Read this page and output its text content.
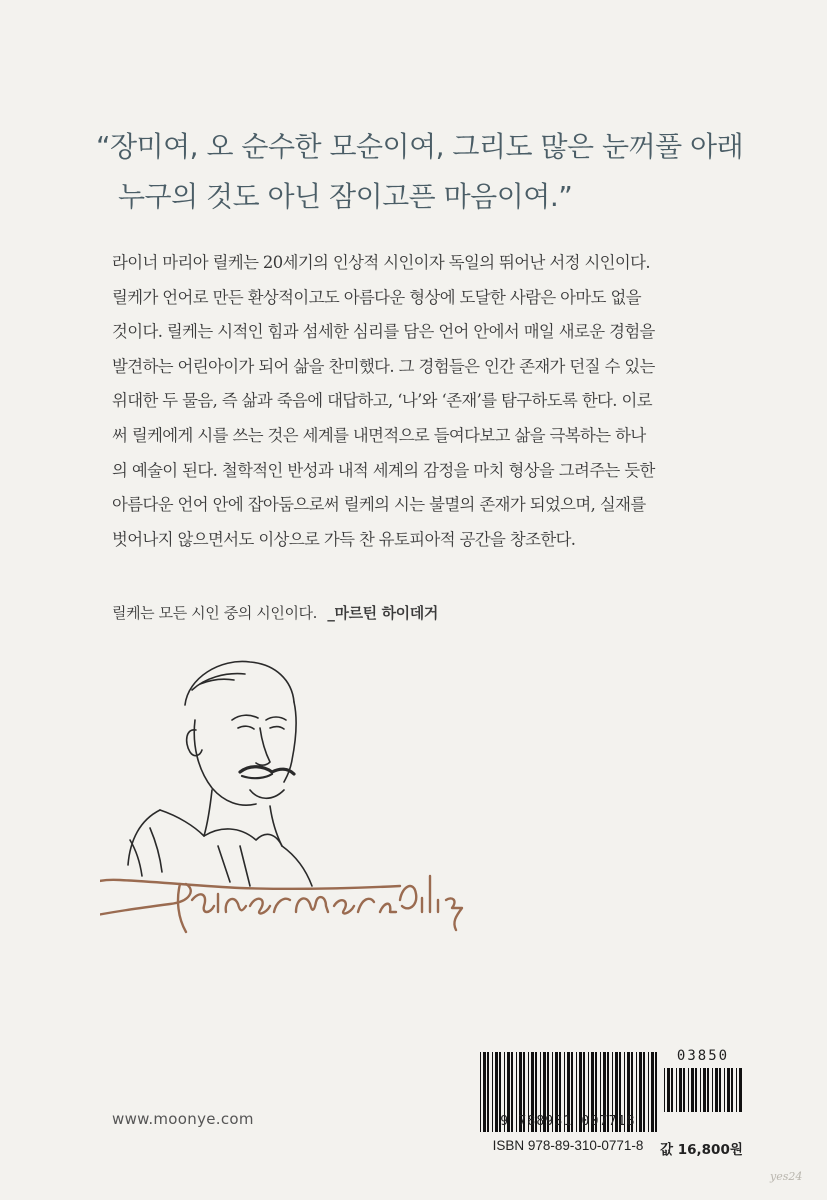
“장미여, 오 순수한 모순이여, 그리도 많은 눈꺼풀 아래
누구의 것도 아닌 잠이고픈 마음이여.”

라이너 마리아 릴케는 20세기의 인상적 시인이자 독일의 뛰어난 서정 시인이다.
릴케가 언어로 만든 환상적이고도 아름다운 형상에 도달한 사람은 아마도 없을
것이다. 릴케는 시적인 힘과 섬세한 심리를 담은 언어 안에서 매일 새로운 경험을
발견하는 어린아이가 되어 삶을 찬미했다. 그 경험들은 인간 존재가 던질 수 있는
위대한 두 물음, 즉 삶과 죽음에 대답하고, ‘나’와 ‘존재’를 탐구하도록 한다. 이로
써 릴케에게 시를 쓰는 것은 세계를 내면적으로 들여다보고 삶을 극복하는 하나
의 예술이 된다. 철학적인 반성과 내적 세계의 감정을 마치 형상을 그려주는 듯한
아름다운 언어 안에 잡아둠으로써 릴케의 시는 불멸의 존재가 되었으며, 실재를
벗어나지 않으면서도 이상으로 가득 찬 유토피아적 공간을 창조한다.

릴케는 모든 시인 중의 시인이다. _마르틴 하이데거
www.moonye.com	9 788931 007718
ISBN 978-89-310-0771-8
03850
값 16,800원
yes24
